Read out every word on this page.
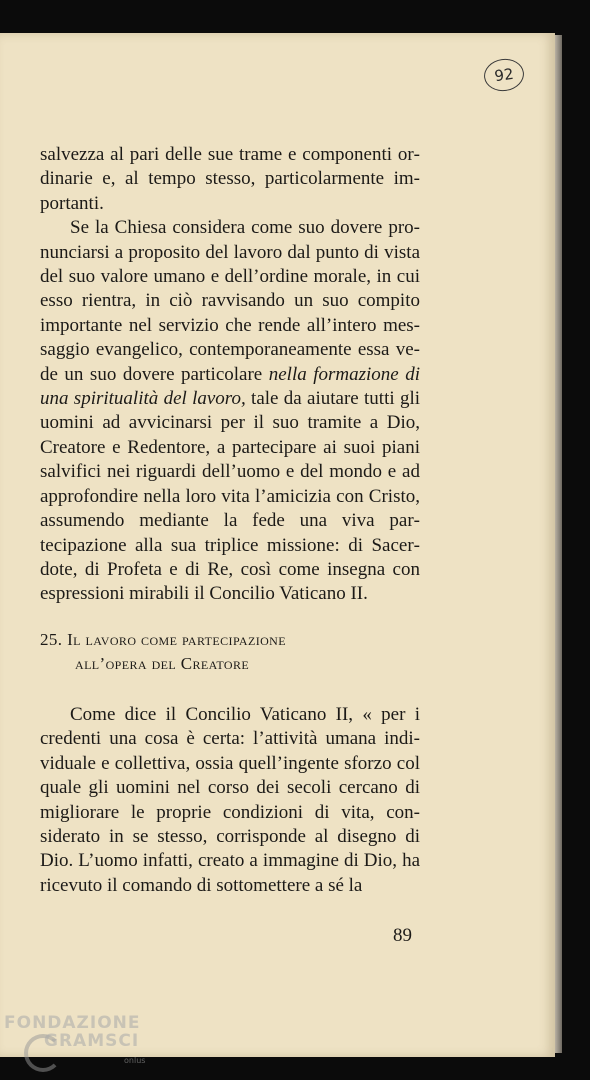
92

salvezza al pari delle sue trame e componenti ordinarie e, al tempo stesso, particolarmente importanti.

Se la Chiesa considera come suo dovere pronunciarsi a proposito del lavoro dal punto di vista del suo valore umano e dell’ordine morale, in cui esso rientra, in ciò ravvisando un suo compito importante nel servizio che rende all’intero messaggio evangelico, contemporaneamente essa vede un suo dovere particolare nella formazione di una spiritualità del lavoro, tale da aiutare tutti gli uomini ad avvicinarsi per il suo tramite a Dio, Creatore e Redentore, a partecipare ai suoi piani salvifici nei riguardi dell’uomo e del mondo e ad approfondire nella loro vita l’amicizia con Cristo, assumendo mediante la fede una viva partecipazione alla sua triplice missione: di Sacerdote, di Profeta e di Re, così come insegna con espressioni mirabili il Concilio Vaticano II.

25. Il lavoro come partecipazione
all’opera del Creatore

Come dice il Concilio Vaticano II, « per i credenti una cosa è certa: l’attività umana individuale e collettiva, ossia quell’ingente sforzo col quale gli uomini nel corso dei secoli cercano di migliorare le proprie condizioni di vita, considerato in se stesso, corrisponde al disegno di Dio. L’uomo infatti, creato a immagine di Dio, ha ricevuto il comando di sottomettere a sé la

89
FONDAZIONE
GRAMSCI
onlus
